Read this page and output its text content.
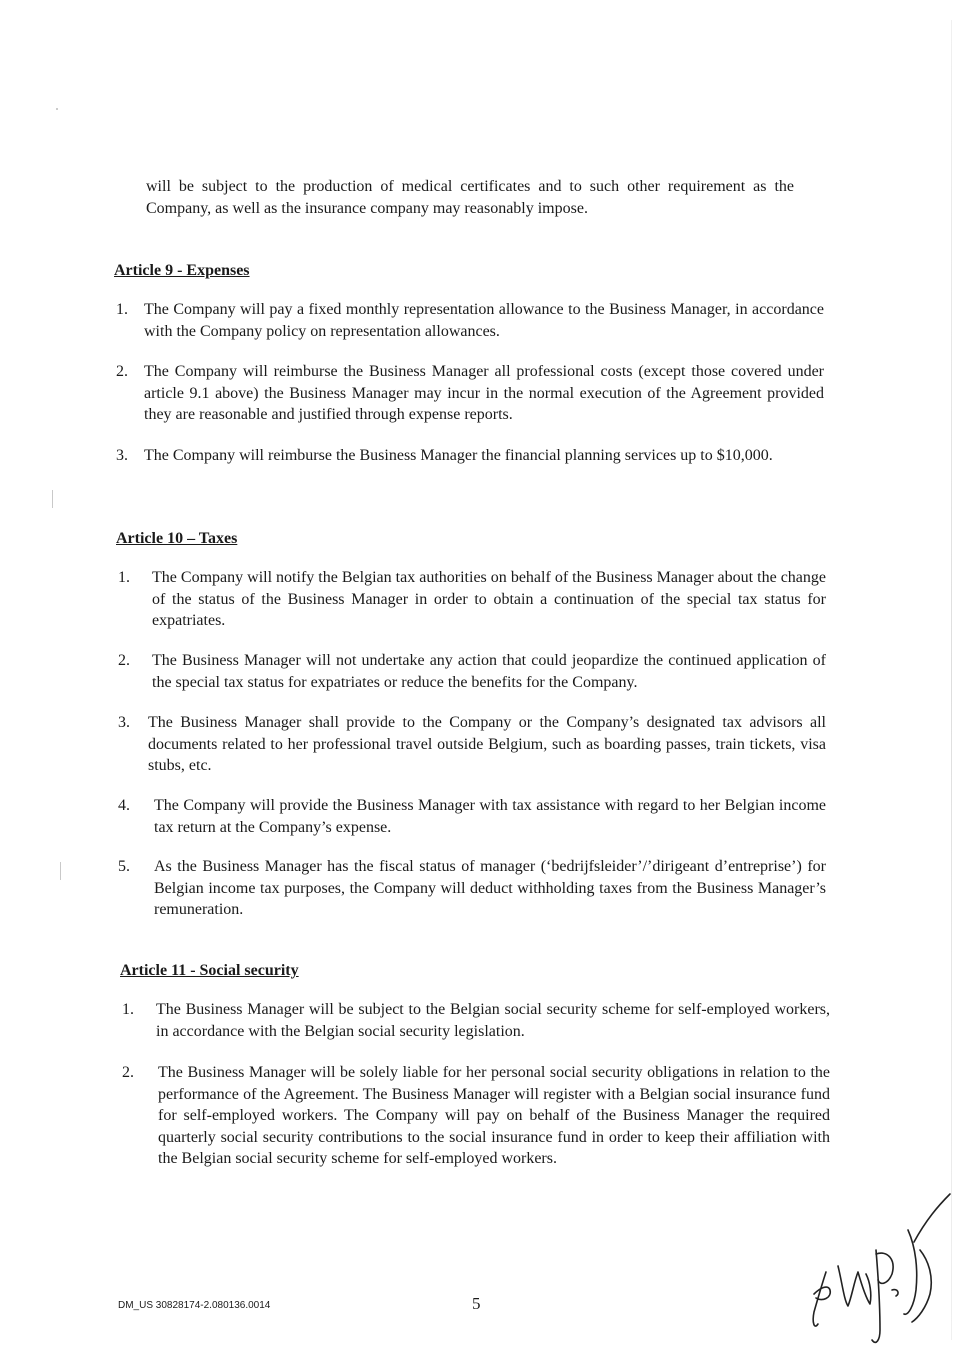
will be subject to the production of medical certificates and to such other requirement as the Company, as well as the insurance company may reasonably impose.

Article 9 - Expenses
1. The Company will pay a fixed monthly representation allowance to the Business Manager, in accordance with the Company policy on representation allowances.
2. The Company will reimburse the Business Manager all professional costs (except those covered under article 9.1 above) the Business Manager may incur in the normal execution of the Agreement provided they are reasonable and justified through expense reports.
3. The Company will reimburse the Business Manager the financial planning services up to $10,000.
Article 10 – Taxes
1. The Company will notify the Belgian tax authorities on behalf of the Business Manager about the change of the status of the Business Manager in order to obtain a continuation of the special tax status for expatriates.
2. The Business Manager will not undertake any action that could jeopardize the continued application of the special tax status for expatriates or reduce the benefits for the Company.
3. The Business Manager shall provide to the Company or the Company’s designated tax advisors all documents related to her professional travel outside Belgium, such as boarding passes, train tickets, visa stubs, etc.
4. The Company will provide the Business Manager with tax assistance with regard to her Belgian income tax return at the Company’s expense.
5. As the Business Manager has the fiscal status of manager (‘bedrijfsleider’/’dirigeant d’entreprise’) for Belgian income tax purposes, the Company will deduct withholding taxes from the Business Manager’s remuneration.
Article 11 - Social security
1. The Business Manager will be subject to the Belgian social security scheme for self-employed workers, in accordance with the Belgian social security legislation.
2. The Business Manager will be solely liable for her personal social security obligations in relation to the performance of the Agreement. The Business Manager will register with a Belgian social insurance fund for self-employed workers. The Company will pay on behalf of the Business Manager the required quarterly social security contributions to the social insurance fund in order to keep their affiliation with the Belgian social security scheme for self-employed workers.
DM_US 30828174-2.080136.0014	5
